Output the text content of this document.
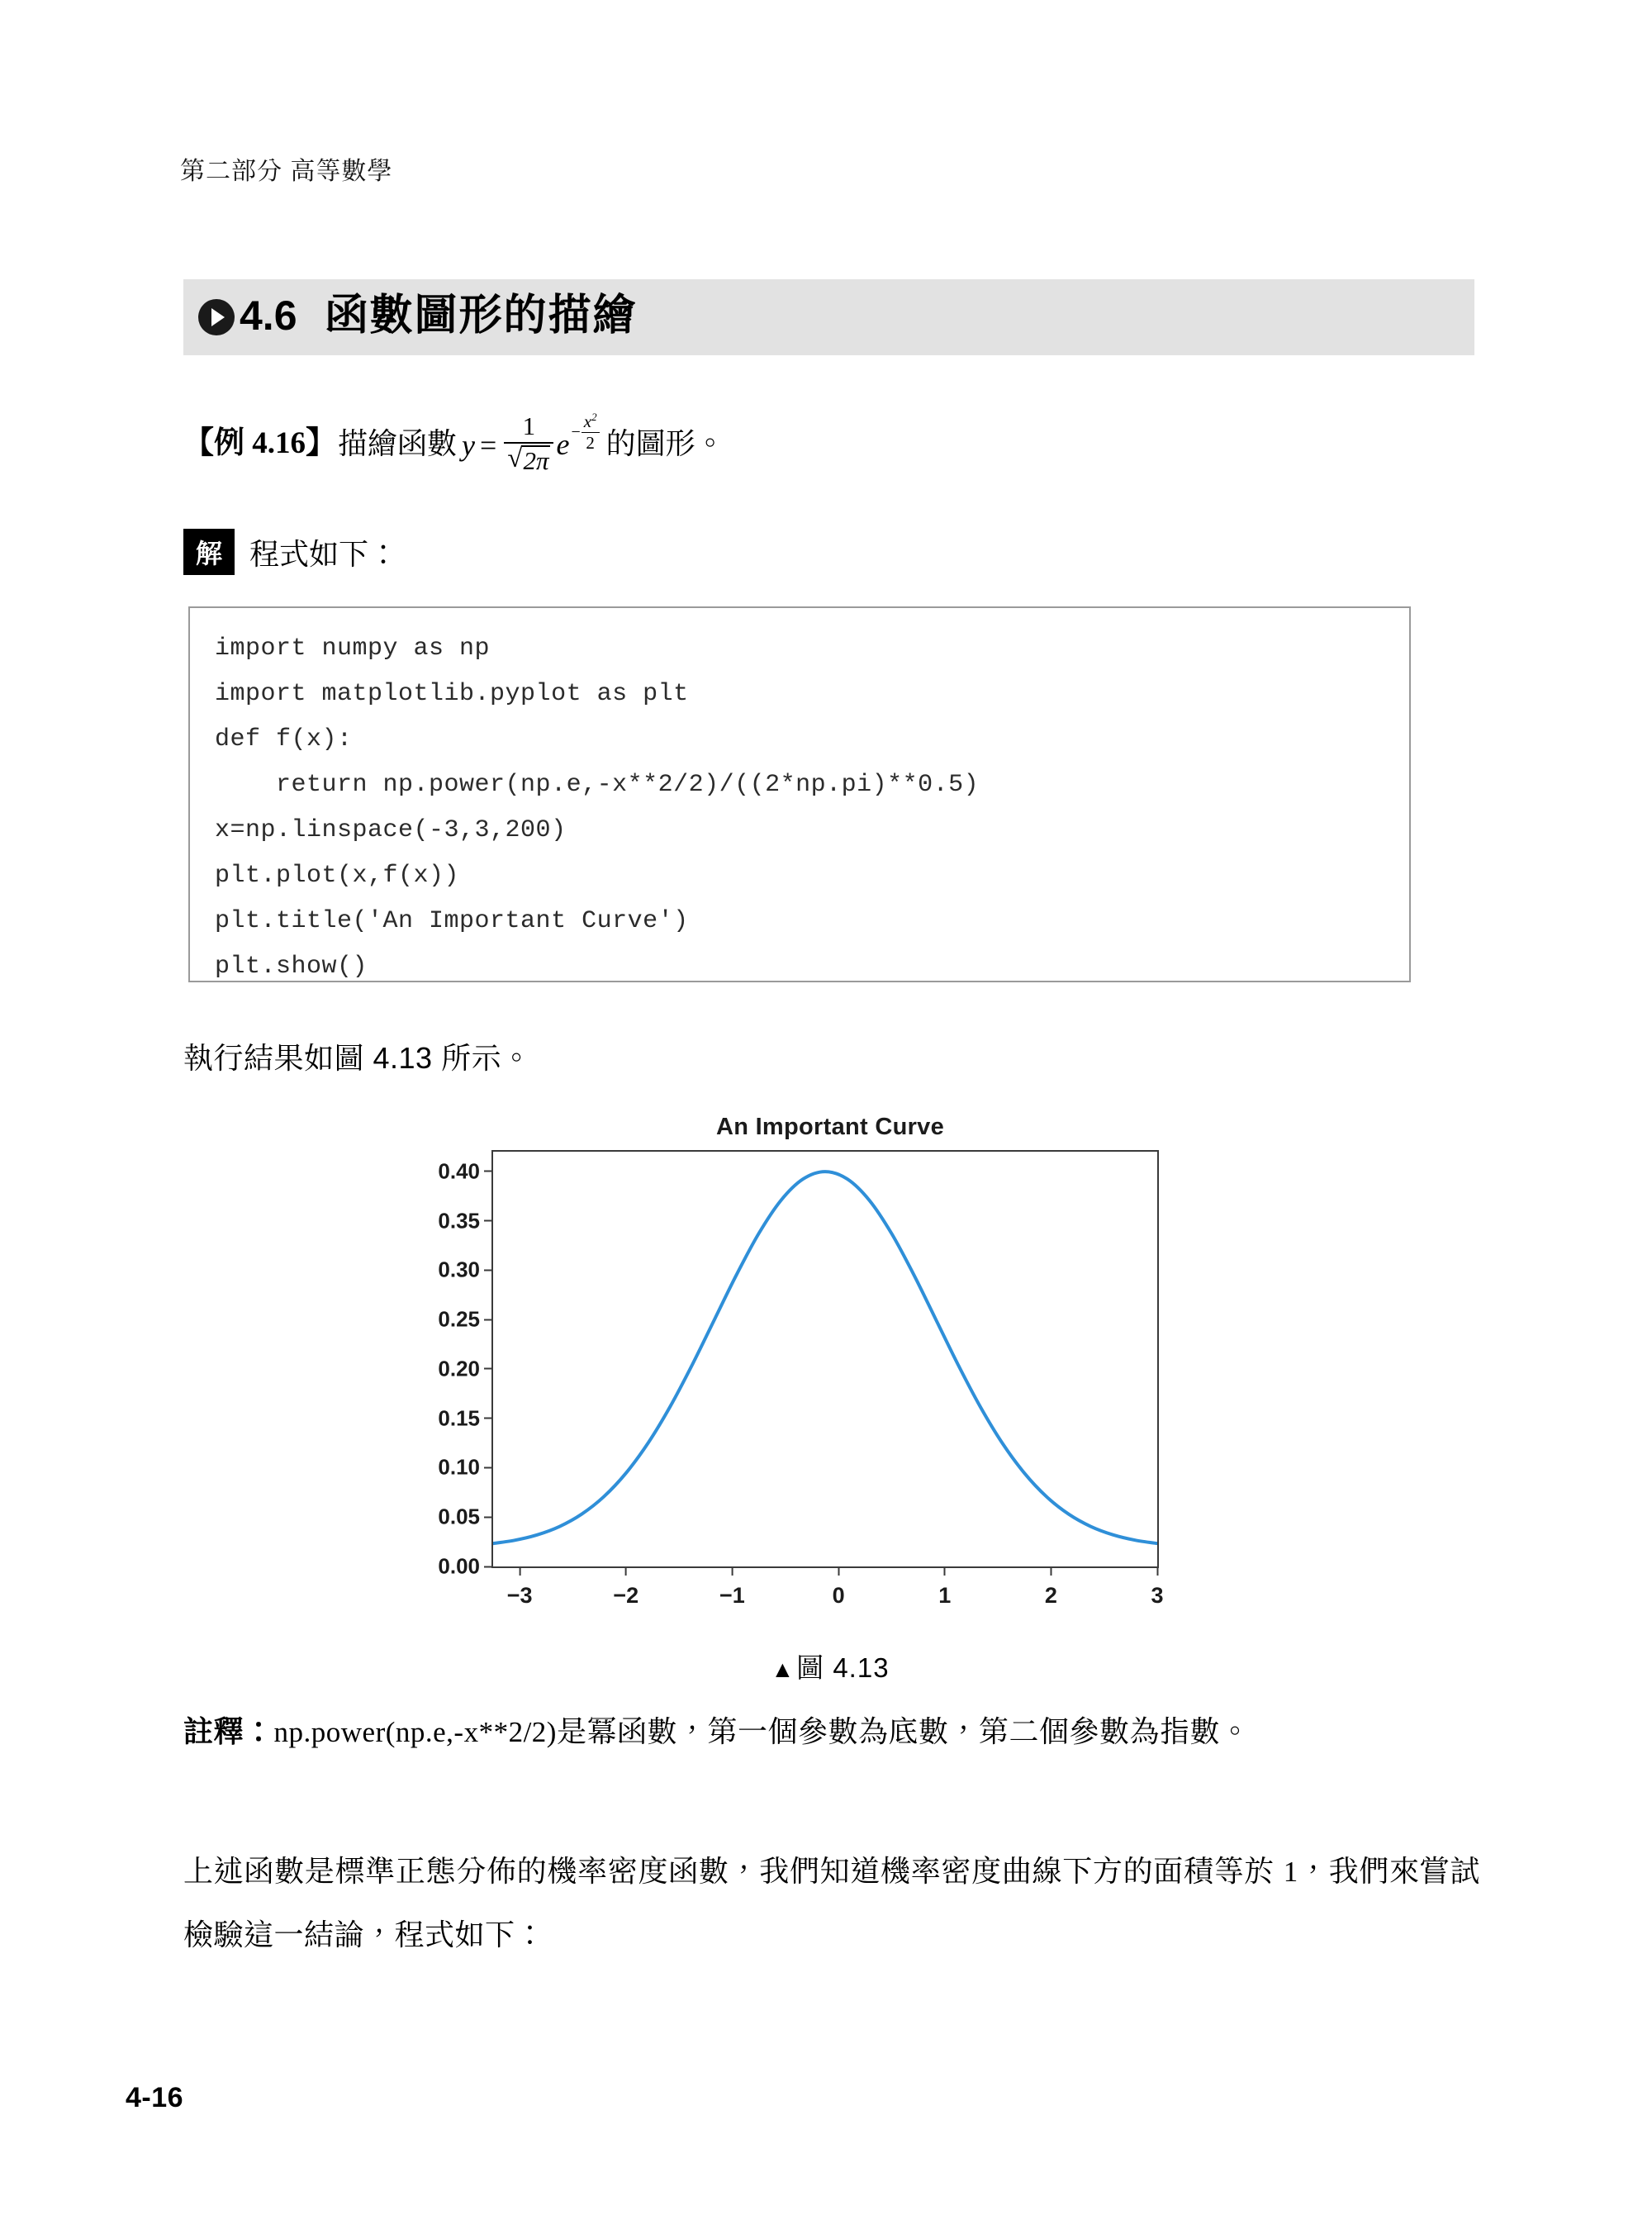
第二部分 高等數學
4.6 函數圖形的描繪
【例 4.16】 描繪函數 $y = \frac{1}{√ 2\pi}$ $e - \frac{x^2}{2}$ 的圖形。
解 程式如下：
import numpy as np
import matplotlib.pyplot as plt
def f(x):
return np.power(np.e,-x**2/2)/((2*np.pi)**0.5)
x=np.linspace(-3,3,200)
plt.plot(x,f(x))
plt.title('An Important Curve')
plt.show()
執行結果如圖 4.13 所示。
An Important Curve
0.40
0.35
0.30
0.25
0.20
0.15
0.10
0.05
0.00
−3	−2	−1	0	1	2	3
▲圖 4.13
註釋：np.power(np.e,-x**2/2)是冪函數，第一個參數為底數，第二個參數為指數。
上述函數是標準正態分佈的機率密度函數，我們知道機率密度曲線下方的面積等於 1，我們來嘗試檢驗這一結論，程式如下：
4-16
